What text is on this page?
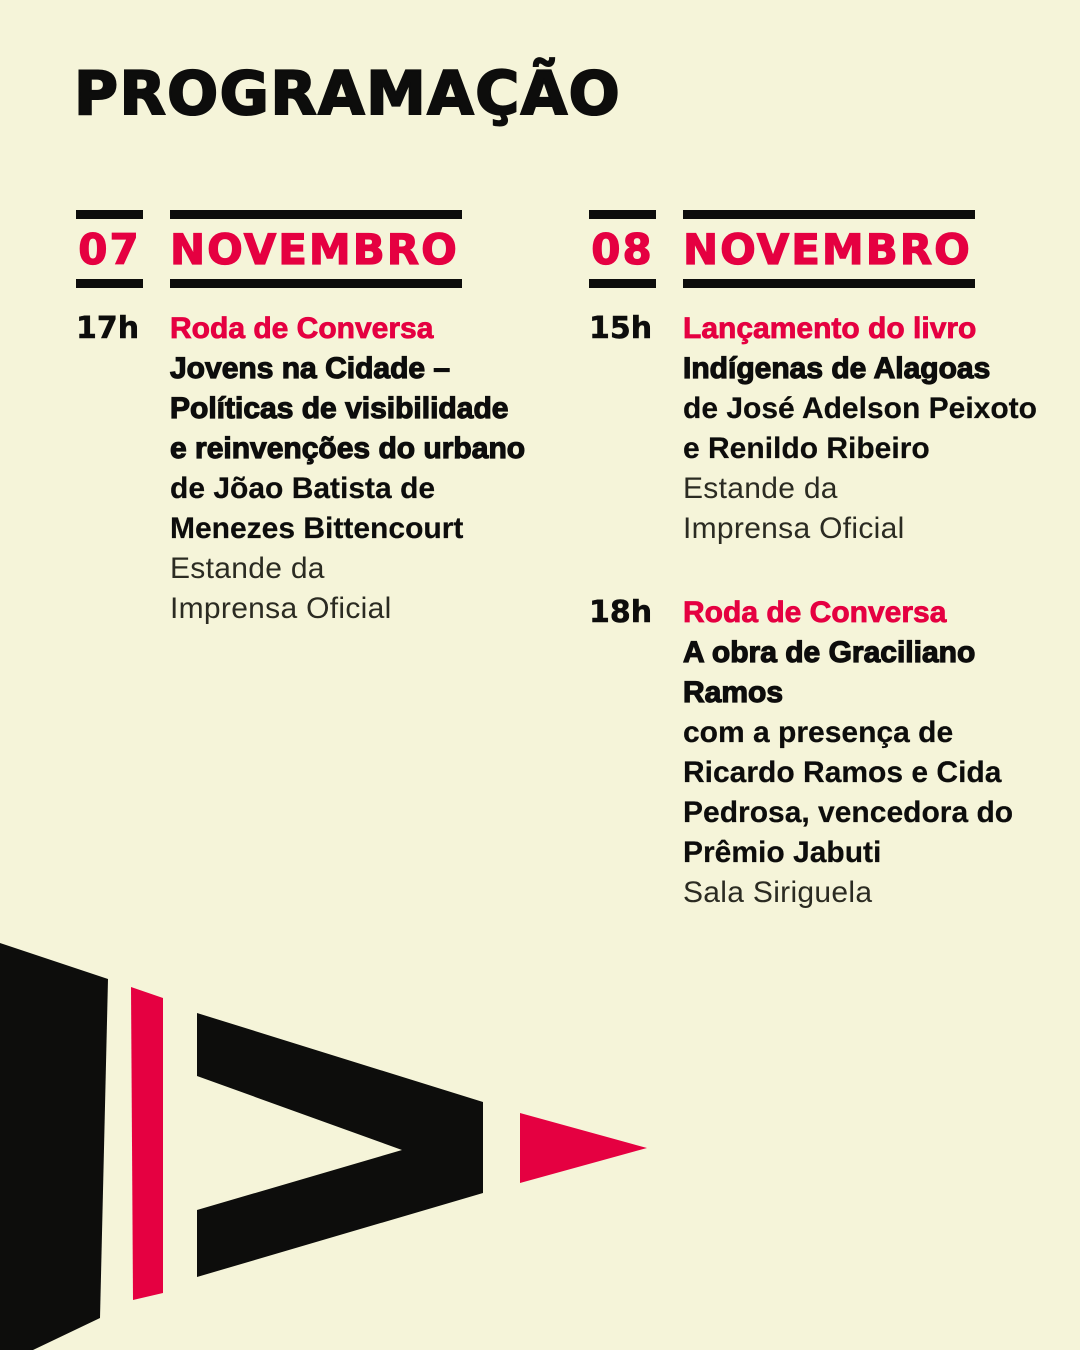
PROGRAMAÇÃO
07 NOVEMBRO
17h	Roda de Conversa
Jovens na Cidade –
Políticas de visibilidade
e reinvenções do urbano
de Jõao Batista de
Menezes Bittencourt
Estande da
Imprensa Oficial
08 NOVEMBRO
15h	Lançamento do livro
Indígenas de Alagoas
de José Adelson Peixoto
e Renildo Ribeiro
Estande da
Imprensa Oficial
18h	Roda de Conversa
A obra de Graciliano
Ramos
com a presença de
Ricardo Ramos e Cida
Pedrosa, vencedora do
Prêmio Jabuti
Sala Siriguela
